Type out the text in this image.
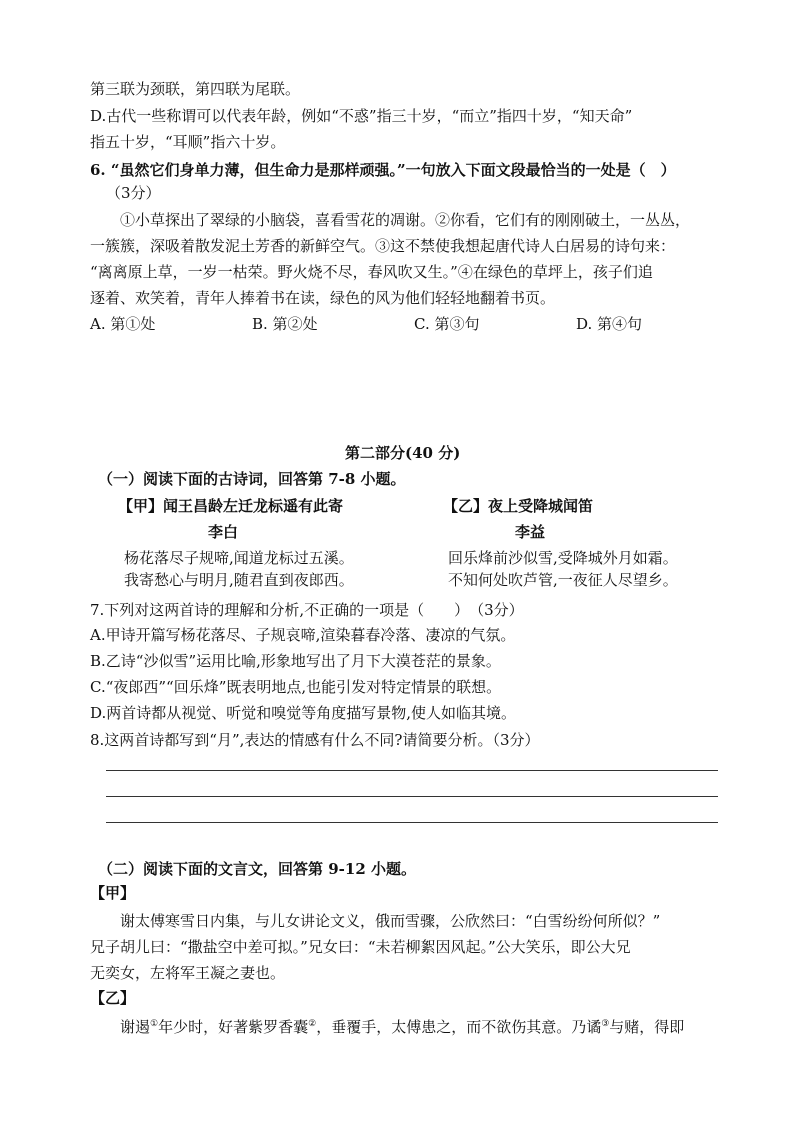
第三联为颈联，第四联为尾联。
D.古代一些称谓可以代表年龄，例如“不惑”指三十岁，“而立”指四十岁，“知天命”
指五十岁，“耳顺”指六十岁。
6. “虽然它们身单力薄，但生命力是那样顽强。”一句放入下面文段最恰当的一处是（　）
（3分）
①小草探出了翠绿的小脑袋，喜看雪花的凋谢。②你看，它们有的刚刚破土，一丛丛，
一簇簇，深吸着散发泥土芳香的新鲜空气。③这不禁使我想起唐代诗人白居易的诗句来：
“离离原上草，一岁一枯荣。野火烧不尽，春风吹又生。”④在绿色的草坪上，孩子们追
逐着、欢笑着，青年人捧着书在读，绿色的风为他们轻轻地翻着书页。
A. 第①处	B. 第②处	C. 第③句	D. 第④句
第二部分(40 分)
（一）阅读下面的古诗词，回答第 7-8 小题。
【甲】闻王昌龄左迁龙标遥有此寄
李白
杨花落尽子规啼,闻道龙标过五溪。
我寄愁心与明月,随君直到夜郎西。
【乙】夜上受降城闻笛
李益
回乐烽前沙似雪,受降城外月如霜。
不知何处吹芦管,一夜征人尽望乡。
7.下列对这两首诗的理解和分析,不正确的一项是（　　）　（3分）
A.甲诗开篇写杨花落尽、子规哀啼,渲染暮春冷落、凄凉的气氛。
B.乙诗“沙似雪”运用比喻,形象地写出了月下大漠苍茫的景象。
C.“夜郎西”“回乐烽”既表明地点,也能引发对特定情景的联想。
D.两首诗都从视觉、听觉和嗅觉等角度描写景物,使人如临其境。
8.这两首诗都写到“月”,表达的情感有什么不同?请简要分析。（3分）
（二）阅读下面的文言文，回答第 9-12 小题。
【甲】
谢太傅寒雪日内集，与儿女讲论文义，俄而雪骤，公欣然曰：“白雪纷纷何所似？”
兄子胡儿曰：“撒盐空中差可拟。”兄女曰：“未若柳絮因风起。”公大笑乐，即公大兄
无奕女，左将军王凝之妻也。
【乙】
谢遏①年少时，好著紫罗香囊②，垂覆手，太傅患之，而不欲伤其意。乃谲③与赌，得即
